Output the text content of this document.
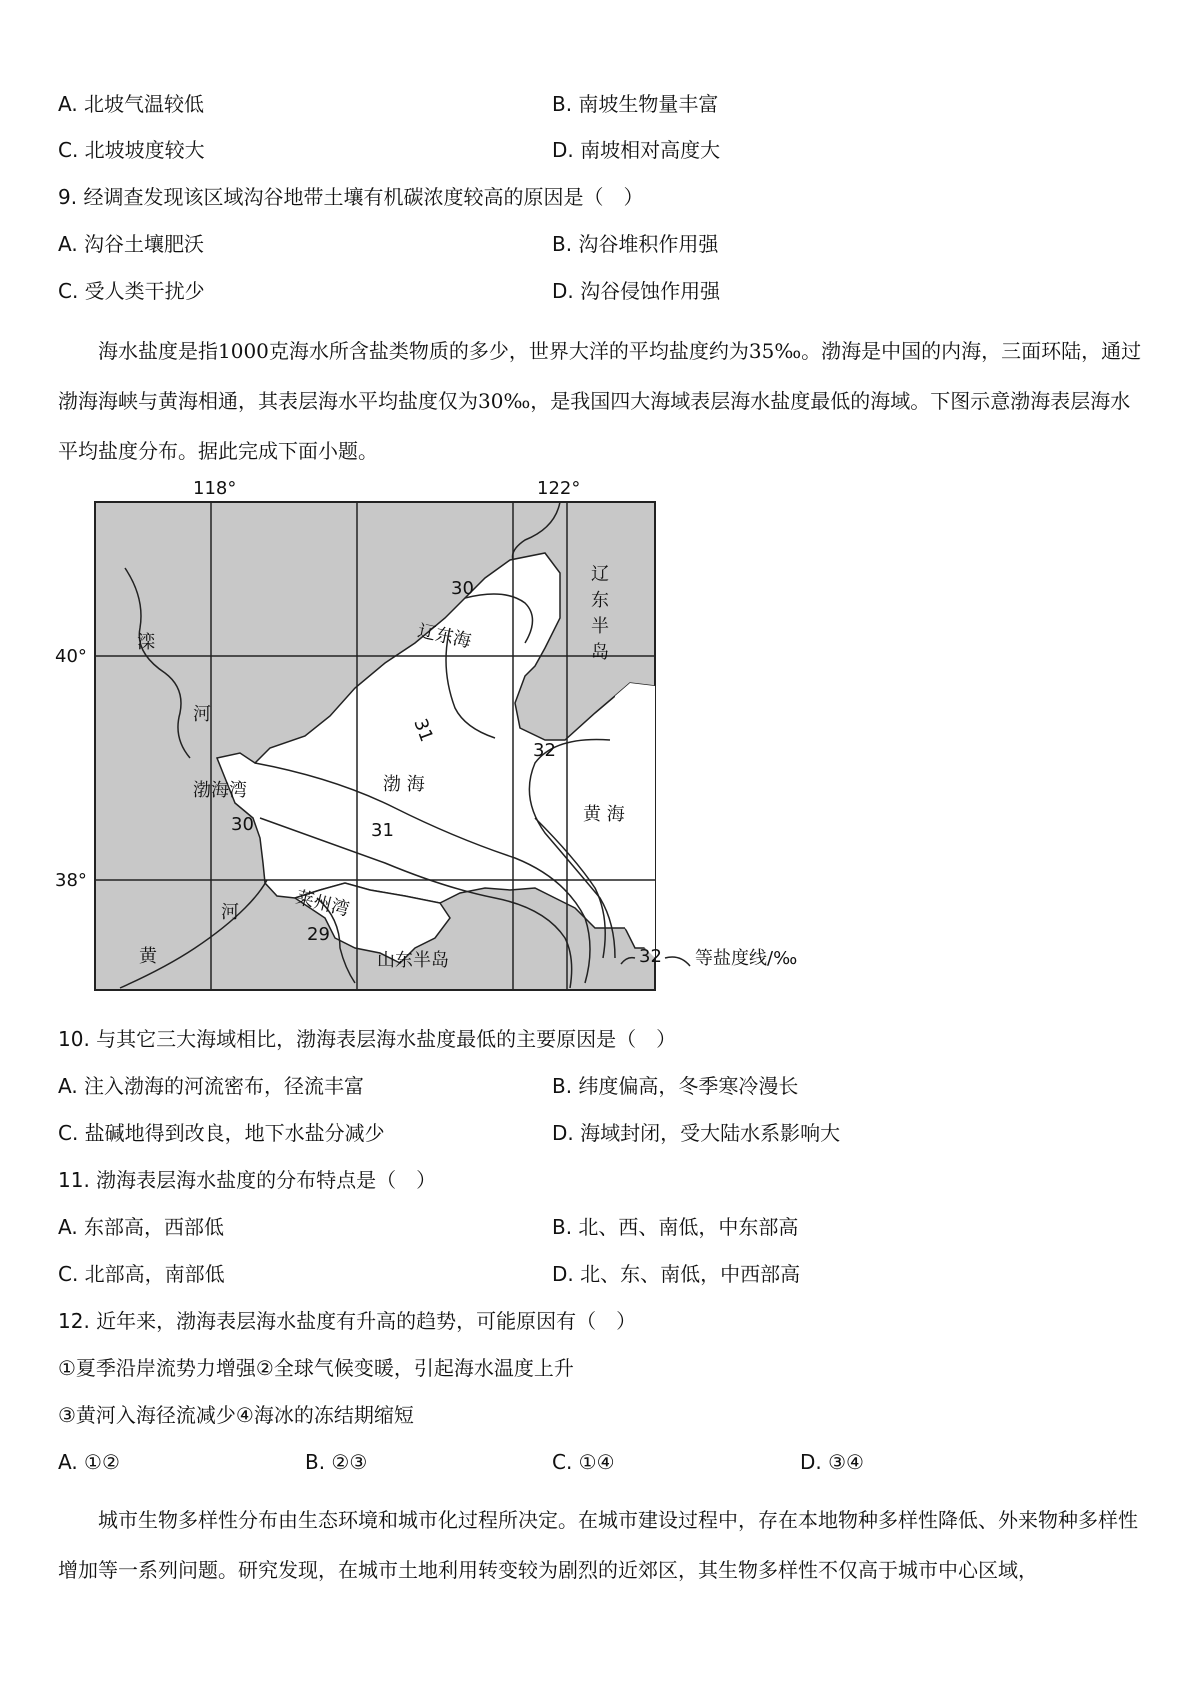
A. 北坡气温较低	B. 南坡生物量丰富
C. 北坡坡度较大	D. 南坡相对高度大
9. 经调查发现该区域沟谷地带土壤有机碳浓度较高的原因是（　）
A. 沟谷土壤肥沃	B. 沟谷堆积作用强
C. 受人类干扰少	D. 沟谷侵蚀作用强
海水盐度是指1000克海水所含盐类物质的多少，世界大洋的平均盐度约为35‰。渤海是中国的内海，三面环陆，通过渤海海峡与黄海相通，其表层海水平均盐度仅为30‰，是我国四大海域表层海水盐度最低的海域。下图示意渤海表层海水平均盐度分布。据此完成下面小题。
118°	122°
40°
38°
滦
河
渤海湾	渤 海
辽东海
辽
东
半
岛
黄 海
莱州湾
山东半岛
河
黄
30
31
32
30	31
29
32 等盐度线/‰
10. 与其它三大海域相比，渤海表层海水盐度最低的主要原因是（　）
A. 注入渤海的河流密布，径流丰富	B. 纬度偏高，冬季寒冷漫长
C. 盐碱地得到改良，地下水盐分减少	D. 海域封闭，受大陆水系影响大
11. 渤海表层海水盐度的分布特点是（　）
A. 东部高，西部低	B. 北、西、南低，中东部高
C. 北部高，南部低	D. 北、东、南低，中西部高
12. 近年来，渤海表层海水盐度有升高的趋势，可能原因有（　）
①夏季沿岸流势力增强②全球气候变暖，引起海水温度上升
③黄河入海径流减少④海冰的冻结期缩短
A. ①②	B. ②③	C. ①④	D. ③④
城市生物多样性分布由生态环境和城市化过程所决定。在城市建设过程中，存在本地物种多样性降低、外来物种多样性增加等一系列问题。研究发现，在城市土地利用转变较为剧烈的近郊区，其生物多样性不仅高于城市中心区域，
